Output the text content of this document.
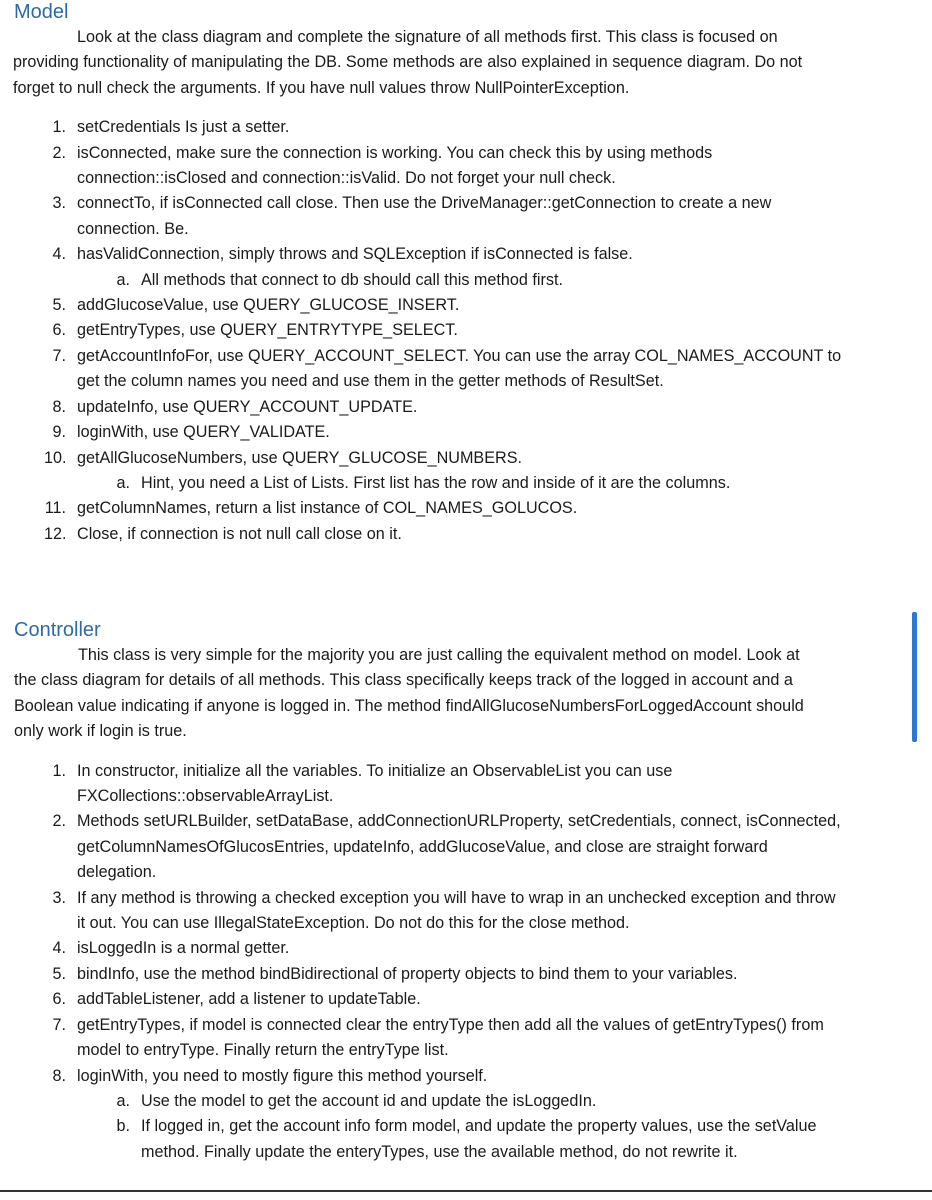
Model

Look at the class diagram and complete the signature of all methods first. This class is focused on providing functionality of manipulating the DB. Some methods are also explained in sequence diagram. Do not forget to null check the arguments. If you have null values throw NullPointerException.

1. setCredentials Is just a setter.
2. isConnected, make sure the connection is working. You can check this by using methods connection::isClosed and connection::isValid. Do not forget your null check.
3. connectTo, if isConnected call close. Then use the DriveManager::getConnection to create a new connection. Be.
4. hasValidConnection, simply throws and SQLException if isConnected is false.
a. All methods that connect to db should call this method first.
5. addGlucoseValue, use QUERY_GLUCOSE_INSERT.
6. getEntryTypes, use QUERY_ENTRYTYPE_SELECT.
7. getAccountInfoFor, use QUERY_ACCOUNT_SELECT. You can use the array COL_NAMES_ACCOUNT to get the column names you need and use them in the getter methods of ResultSet.
8. updateInfo, use QUERY_ACCOUNT_UPDATE.
9. loginWith, use QUERY_VALIDATE.
10. getAllGlucoseNumbers, use QUERY_GLUCOSE_NUMBERS.
a. Hint, you need a List of Lists. First list has the row and inside of it are the columns.
11. getColumnNames, return a list instance of COL_NAMES_GOLUCOS.
12. Close, if connection is not null call close on it.
Controller

This class is very simple for the majority you are just calling the equivalent method on model. Look at the class diagram for details of all methods. This class specifically keeps track of the logged in account and a Boolean value indicating if anyone is logged in. The method findAllGlucoseNumbersForLoggedAccount should only work if login is true.

1. In constructor, initialize all the variables. To initialize an ObservableList you can use FXCollections::observableArrayList.
2. Methods setURLBuilder, setDataBase, addConnectionURLProperty, setCredentials, connect, isConnected, getColumnNamesOfGlucosEntries, updateInfo, addGlucoseValue, and close are straight forward delegation.
3. If any method is throwing a checked exception you will have to wrap in an unchecked exception and throw it out. You can use IllegalStateException. Do not do this for the close method.
4. isLoggedIn is a normal getter.
5. bindInfo, use the method bindBidirectional of property objects to bind them to your variables.
6. addTableListener, add a listener to updateTable.
7. getEntryTypes, if model is connected clear the entryType then add all the values of getEntryTypes() from model to entryType. Finally return the entryType list.
8. loginWith, you need to mostly figure this method yourself.
a. Use the model to get the account id and update the isLoggedIn.
b. If logged in, get the account info form model, and update the property values, use the setValue method. Finally update the enteryTypes, use the available method, do not rewrite it.
